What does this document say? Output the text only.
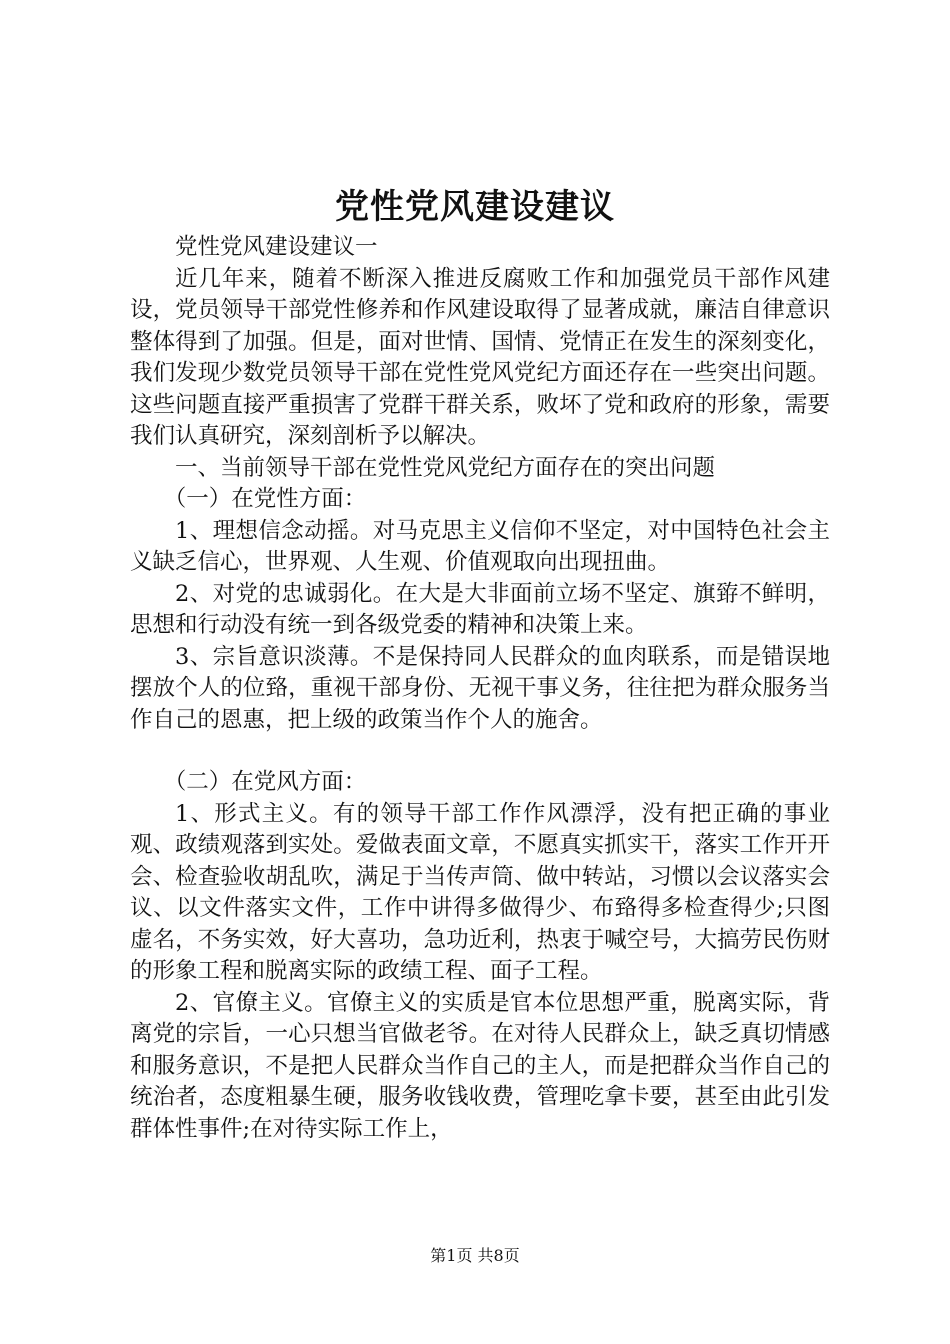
党性党风建设建议

党性党风建设建议一

近几年来，随着不断深入推进反腐败工作和加强党员干部作风建设，党员领导干部党性修养和作风建设取得了显著成就，廉洁自律意识整体得到了加强。但是，面对世情、国情、党情正在发生的深刻变化，我们发现少数党员领导干部在党性党风党纪方面还存在一些突出问题。这些问题直接严重损害了党群干群关系，败坏了党和政府的形象，需要我们认真研究，深刻剖析予以解决。

一、当前领导干部在党性党风党纪方面存在的突出问题

（一）在党性方面：

1、理想信念动摇。对马克思主义信仰不坚定，对中国特色社会主义缺乏信心，世界观、人生观、价值观取向出现扭曲。

2、对党的忠诚弱化。在大是大非面前立场不坚定、旗臶不鲜明，思想和行动没有统一到各级党委的精神和决策上来。

3、宗旨意识淡薄。不是保持同人民群众的血肉联系，而是错误地摆放个人的位臵，重视干部身份、无视干事义务，往往把为群众服务当作自己的恩惠，把上级的政策当作个人的施舍。

（二）在党风方面：

1、形式主义。有的领导干部工作作风漂浮，没有把正确的事业观、政绩观落到实处。爱做表面文章，不愿真实抓实干，落实工作开开会、检查验收胡乱吹，满足于当传声筒、做中转站，习惯以会议落实会议、以文件落实文件，工作中讲得多做得少、布臵得多检查得少;只图虚名，不务实效，好大喜功，急功近利，热衷于喊空号，大搞劳民伤财的形象工程和脱离实际的政绩工程、面子工程。

2、官僚主义。官僚主义的实质是官本位思想严重，脱离实际，背离党的宗旨，一心只想当官做老爷。在对待人民群众上，缺乏真切情感和服务意识，不是把人民群众当作自己的主人，而是把群众当作自己的统治者，态度粗暴生硬，服务收钱收费，管理吃拿卡要，甚至由此引发群体性事件;在对待实际工作上，

第1页 共8页
